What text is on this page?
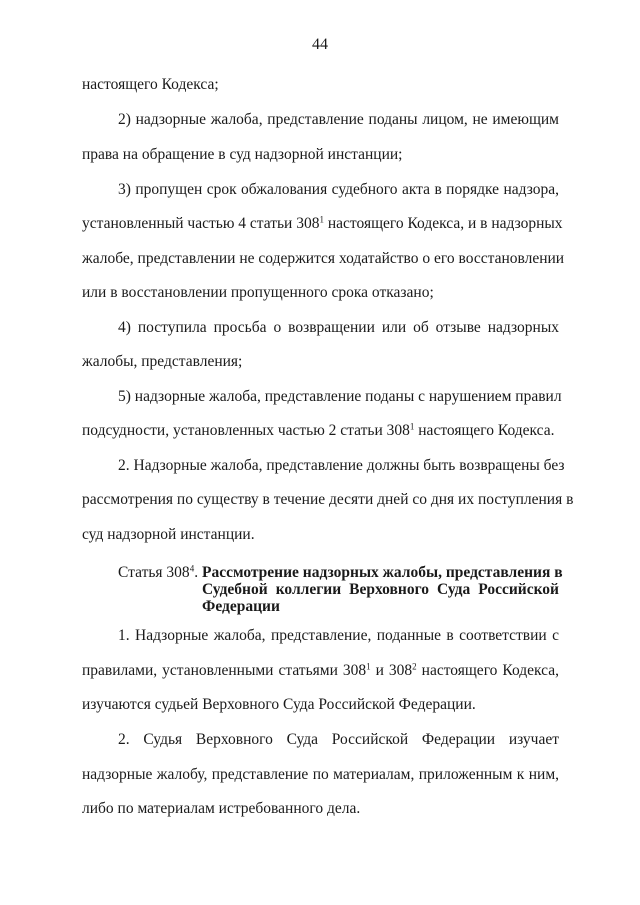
44
настоящего Кодекса;
2) надзорные жалоба, представление поданы лицом, не имеющим
права на обращение в суд надзорной инстанции;
3) пропущен срок обжалования судебного акта в порядке надзора,
установленный частью 4 статьи $308^1$ настоящего Кодекса, и в надзорных
жалобе, представлении не содержится ходатайство о его восстановлении
или в восстановлении пропущенного срока отказано;
4) поступила просьба о возвращении или об отзыве надзорных
жалобы, представления;
5) надзорные жалоба, представление поданы с нарушением правил
подсудности, установленных частью 2 статьи $308^1$ настоящего Кодекса.
2. Надзорные жалоба, представление должны быть возвращены без
рассмотрения по существу в течение десяти дней со дня их поступления в
суд надзорной инстанции.
Статья $308^4$. Рассмотрение надзорных жалобы, представления в
Судебной коллегии Верховного Суда Российской
Федерации
1. Надзорные жалоба, представление, поданные в соответствии с
правилами, установленными статьями $308^1$ и $308^2$ настоящего Кодекса,
изучаются судьей Верховного Суда Российской Федерации.
2. Судья Верховного Суда Российской Федерации изучает
надзорные жалобу, представление по материалам, приложенным к ним,
либо по материалам истребованного дела.
